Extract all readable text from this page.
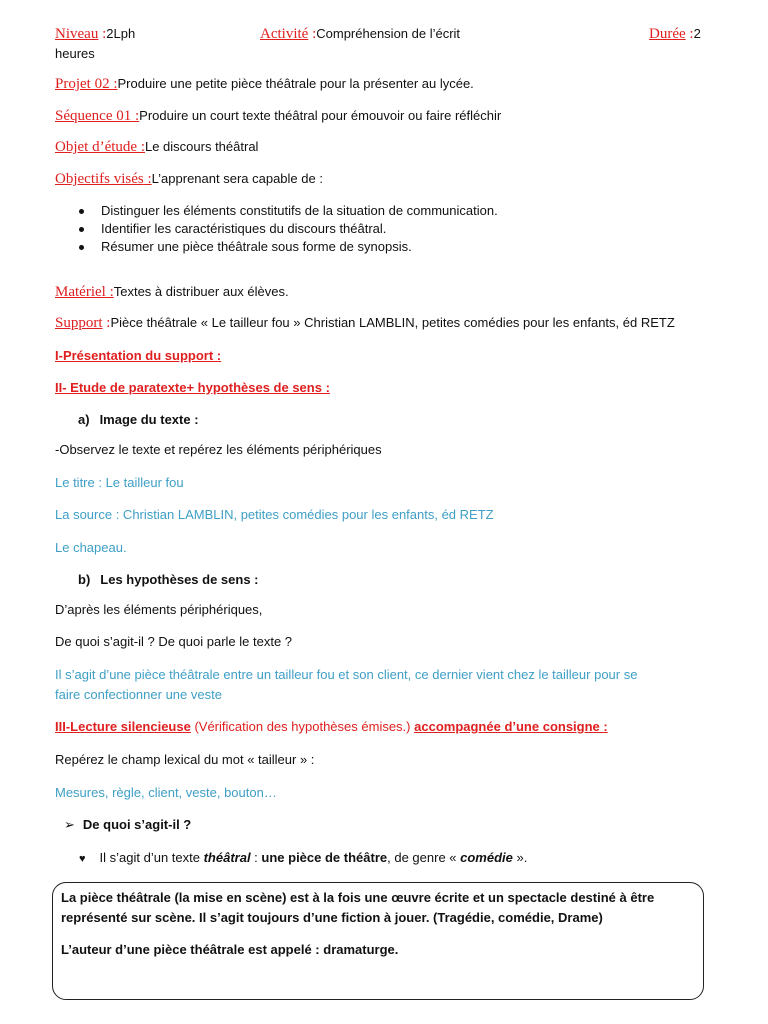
Niveau :2Lph	Activité :Compréhension de l’écrit	Durée :2
heures
Projet 02 :Produire une petite pièce théâtrale pour la présenter au lycée.
Séquence 01 :Produire un court texte théâtral pour émouvoir ou faire réfléchir
Objet d’étude :Le discours théâtral
Objectifs visés :L’apprenant sera capable de :
Distinguer les éléments constitutifs de la situation de communication.
Identifier les caractéristiques du discours théâtral.
Résumer une pièce théâtrale sous forme de synopsis.
Matériel :Textes à distribuer aux élèves.
Support :Pièce théâtrale « Le tailleur fou » Christian LAMBLIN, petites comédies pour les enfants, éd RETZ
I-Présentation du support :
II- Etude de paratexte+ hypothèses de sens :
a) Image du texte :
-Observez le texte et repérez les éléments périphériques
Le titre : Le tailleur fou
La source : Christian LAMBLIN, petites comédies pour les enfants, éd RETZ
Le chapeau.
b) Les hypothèses de sens :
D’après les éléments périphériques,
De quoi s’agit-il ? De quoi parle le texte ?
Il s’agit d’une pièce théâtrale entre un tailleur fou et son client, ce dernier vient chez le tailleur pour se
faire confectionner une veste
III-Lecture silencieuse (Vérification des hypothèses émises.) accompagnée d’une consigne :
Repérez le champ lexical du mot « tailleur » :
Mesures, règle, client, veste, bouton…
➢ De quoi s’agit-il ?
♥ Il s’agit d’un texte théâtral : une pièce de théâtre, de genre « comédie ».
La pièce théâtrale (la mise en scène) est à la fois une œuvre écrite et un spectacle destiné à être
représenté sur scène. Il s’agit toujours d’une fiction à jouer. (Tragédie, comédie, Drame)
L’auteur d’une pièce théâtrale est appelé : dramaturge.
